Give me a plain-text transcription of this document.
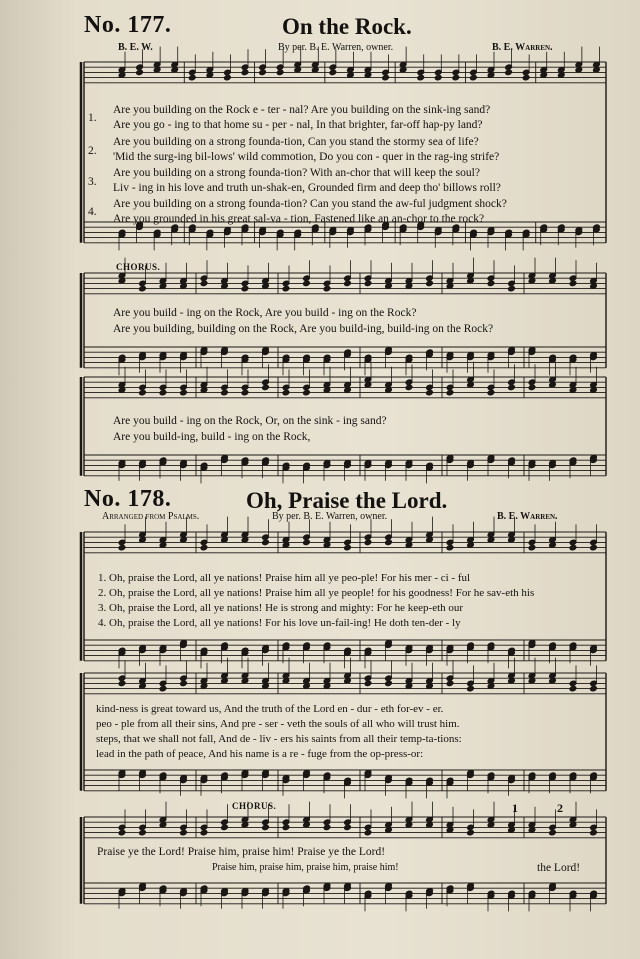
No. 177.	On the Rock.
B. E. W.	By per. B. E. Warren, owner.	B. E. Warren.
1.
Are you building on the Rock e - ter - nal? Are you building on the sink-ing sand?
Are you go - ing to that home su - per - nal, In that brighter, far-off hap-py land?
2.
Are you building on a strong founda-tion, Can you stand the stormy sea of life?
'Mid the surg-ing bil-lows' wild commotion, Do you con - quer in the rag-ing strife?
3.
Are you building on a strong founda-tion? With an-chor that will keep the soul?
Liv - ing in his love and truth un-shak-en, Grounded firm and deep tho' billows roll?
4.
Are you building on a strong founda-tion? Can you stand the aw-ful judgment shock?
Are you grounded in his great sal-va - tion, Fastened like an an-chor to the rock?
CHORUS.
Are you build - ing on the Rock, Are you build - ing on the Rock?
Are you building, building on the Rock, Are you build-ing, build-ing on the Rock?
Are you build - ing on the Rock, Or, on the sink - ing sand?
Are you build-ing, build - ing on the Rock,
No. 178.	Oh, Praise the Lord.
Arranged from Psalms.	By per. B. E. Warren, owner.	B. E. Warren.
1. Oh, praise the Lord, all ye nations! Praise him all ye peo-ple! For his mer - ci - ful
2. Oh, praise the Lord, all ye nations! Praise him all ye people! for his goodness! For he sav-eth his
3. Oh, praise the Lord, all ye nations! He is strong and mighty: For he keep-eth our
4. Oh, praise the Lord, all ye nations! For his love un-fail-ing! He doth ten-der - ly
kind-ness is great toward us, And the truth of the Lord en - dur - eth for-ev - er.
peo - ple from all their sins, And pre - ser - veth the souls of all who will trust him.
steps, that we shall not fall, And de - liv - ers his saints from all their temp-ta-tions:
lead in the path of peace, And his name is a re - fuge from the op-press-or:
CHORUS.	1	2
Praise ye the Lord! Praise him, praise him! Praise ye the Lord!
Praise him, praise him, praise him, praise him!	the Lord!
